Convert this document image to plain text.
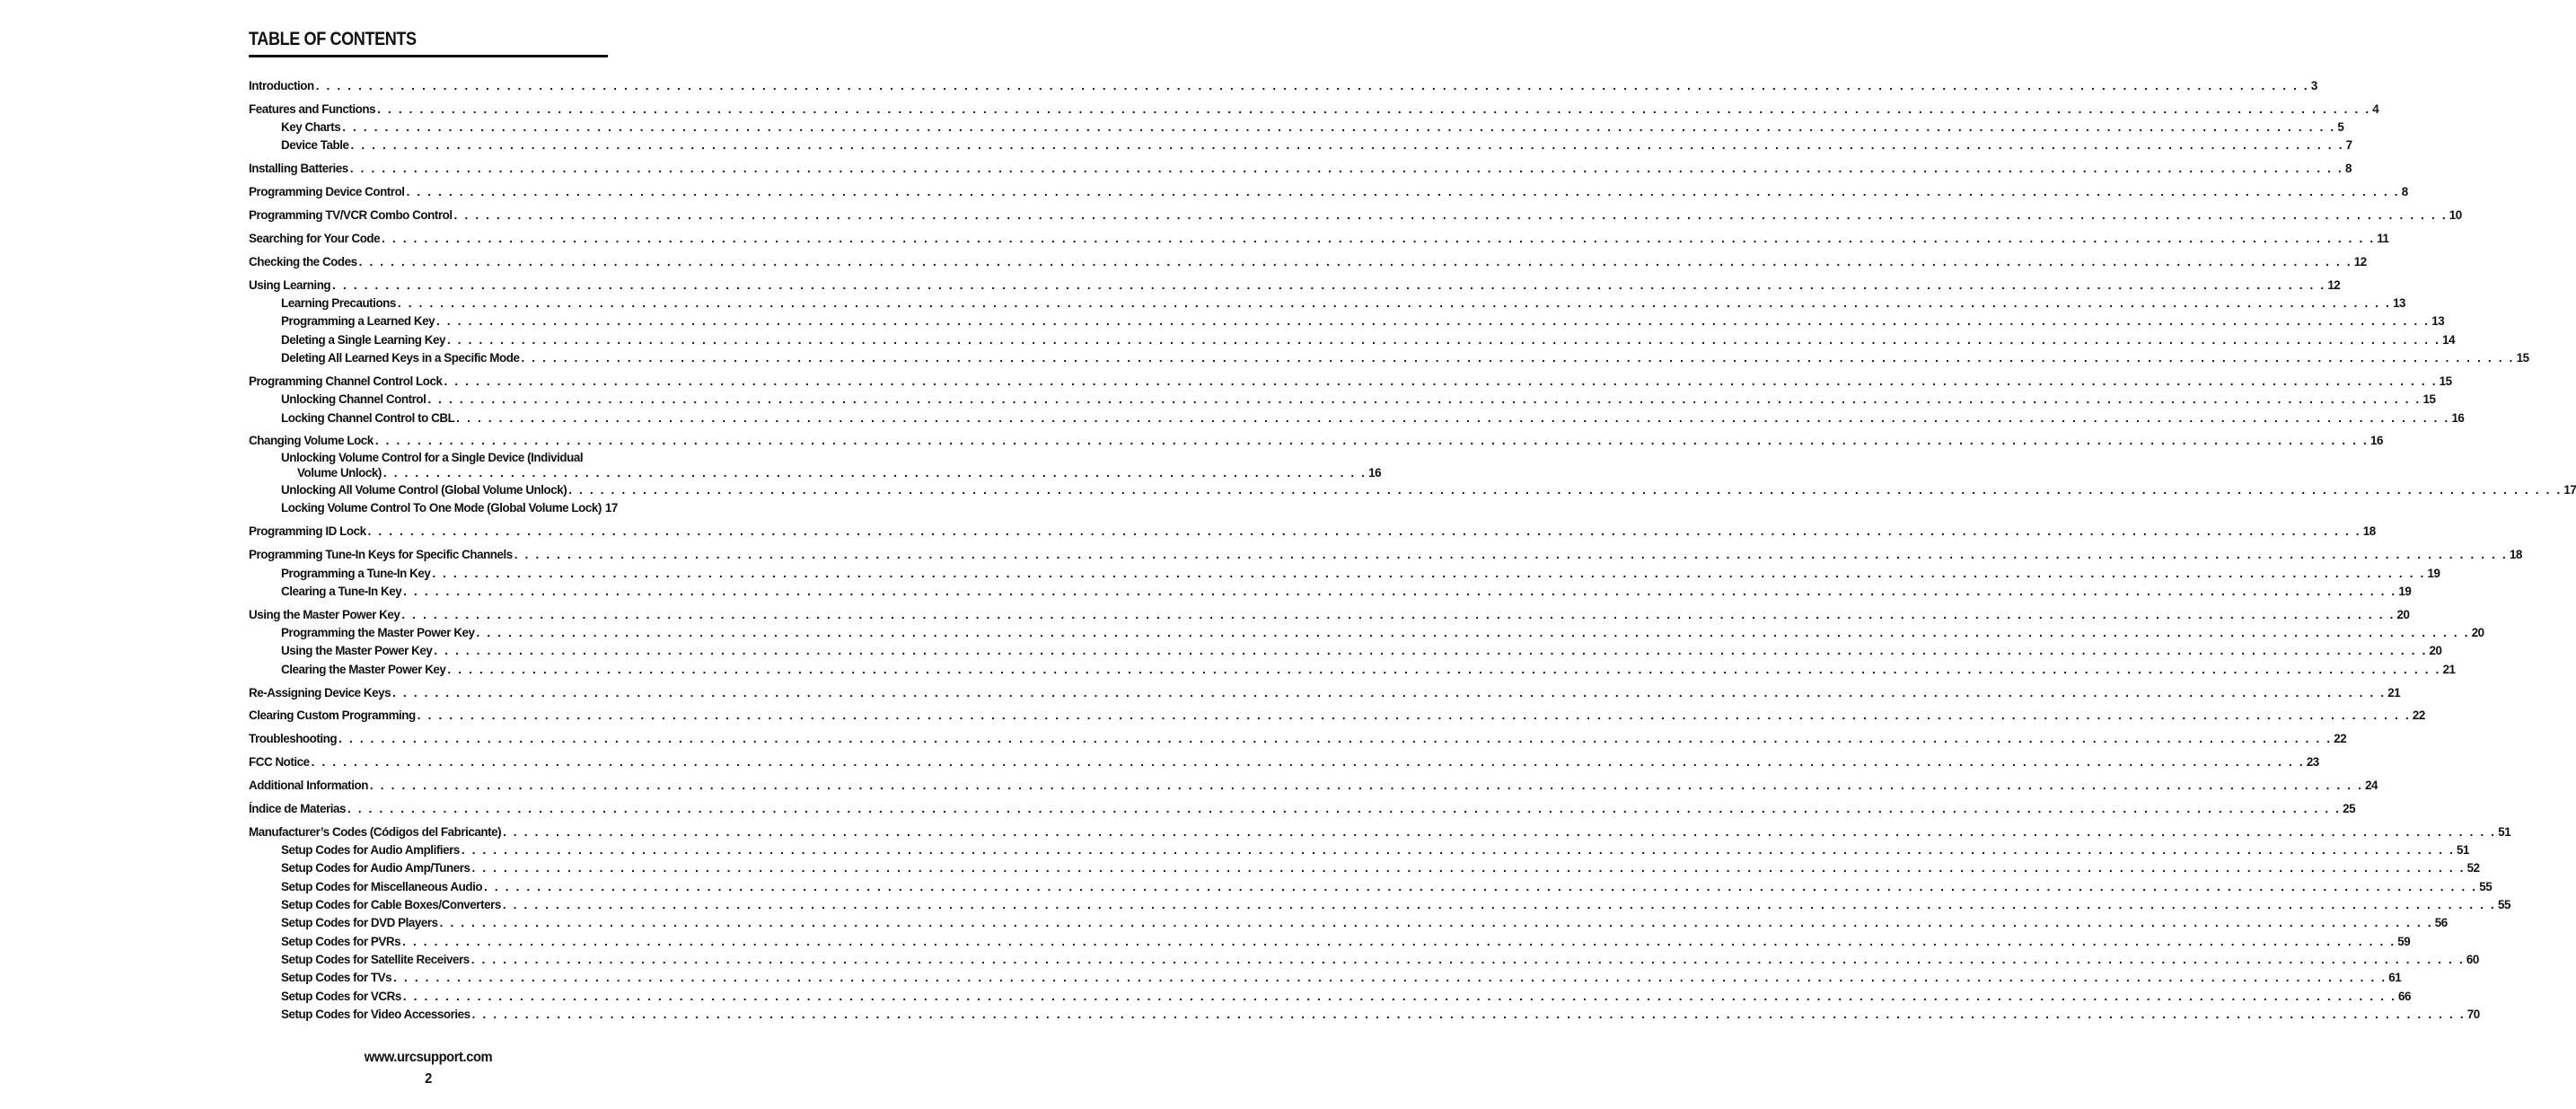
TABLE OF CONTENTS
Introduction . . .	3
Features and Functions . . .	4
Key Charts . . .	5
Device Table . . .	7
Installing Batteries . . .	8
Programming Device Control . . .	8
Programming TV/VCR Combo Control . . .	10
Searching for Your Code . . .	11
Checking the Codes . . .	12
Using Learning . . .	12
Learning Precautions . . .	13
Programming a Learned Key . . .	13
Deleting a Single Learning Key . . .	14
Deleting All Learned Keys in a Specific Mode . . .	15
Programming Channel Control Lock . . .	15
Unlocking Channel Control . . .	15
Locking Channel Control to CBL . . .	16
Changing Volume Lock . . .	16
Unlocking Volume Control for a Single Device (Individual
Volume Unlock) . . .	16
Unlocking All Volume Control (Global Volume Unlock) . . .	17
Locking Volume Control To One Mode (Global Volume Lock) 17
Programming ID Lock . . .	18
Programming Tune-In Keys for Specific Channels . . .	18
Programming a Tune-In Key . . .	19
Clearing a Tune-In Key . . .	19
Using the Master Power Key . . .	20
Programming the Master Power Key . . .	20
Using the Master Power Key . . .	20
Clearing the Master Power Key . . .	21
Re-Assigning Device Keys . . .	21
Clearing Custom Programming . . .	22
Troubleshooting . . .	22
FCC Notice . . .	23
Additional Information . . .	24
Índice de Materias . . .	25
Manufacturer’s Codes (Códigos del Fabricante) . . .	51
Setup Codes for Audio Amplifiers . . .	51
Setup Codes for Audio Amp/Tuners . . .	52
Setup Codes for Miscellaneous Audio . . .	55
Setup Codes for Cable Boxes/Converters . . .	55
Setup Codes for DVD Players . . .	56
Setup Codes for PVRs . . .	59
Setup Codes for Satellite Receivers . . .	60
Setup Codes for TVs . . .	61
Setup Codes for VCRs . . .	66
Setup Codes for Video Accessories . . .	70
www.urcsupport.com
2
